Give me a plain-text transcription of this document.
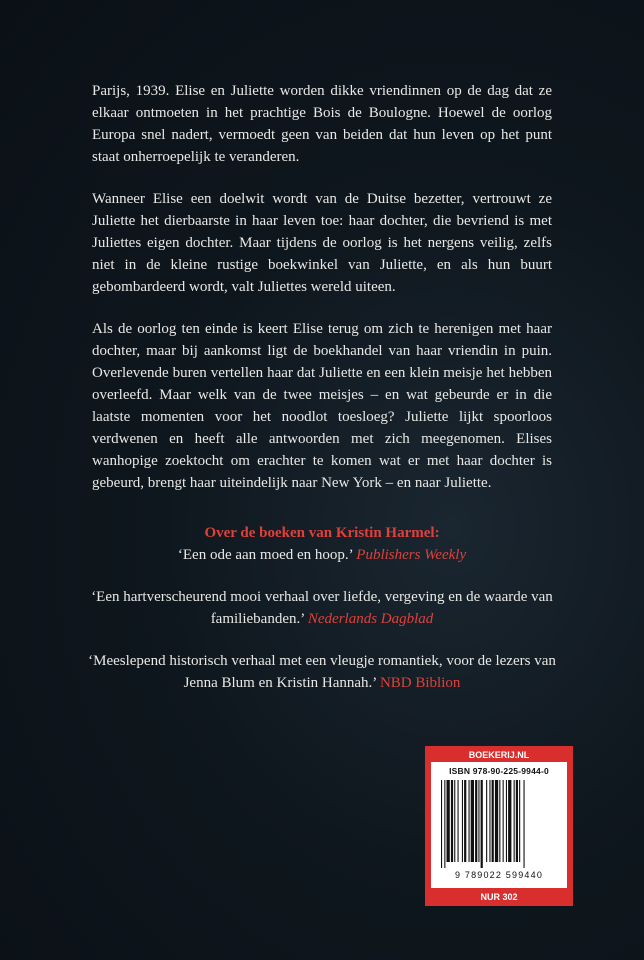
Parijs, 1939. Elise en Juliette worden dikke vriendinnen op de dag dat ze elkaar ontmoeten in het prachtige Bois de Boulogne. Hoewel de oorlog Europa snel nadert, vermoedt geen van beiden dat hun leven op het punt staat onherroepelijk te veranderen.

Wanneer Elise een doelwit wordt van de Duitse bezetter, vertrouwt ze Juliette het dierbaarste in haar leven toe: haar dochter, die bevriend is met Juliettes eigen dochter. Maar tijdens de oorlog is het nergens veilig, zelfs niet in de kleine rustige boekwinkel van Juliette, en als hun buurt gebombardeerd wordt, valt Juliettes wereld uiteen.

Als de oorlog ten einde is keert Elise terug om zich te herenigen met haar dochter, maar bij aankomst ligt de boekhandel van haar vriendin in puin. Overlevende buren vertellen haar dat Juliette en een klein meisje het hebben overleefd. Maar welk van de twee meisjes – en wat gebeurde er in die laatste momenten voor het noodlot toesloeg? Juliette lijkt spoorloos verdwenen en heeft alle antwoorden met zich meegenomen. Elises wanhopige zoektocht om erachter te komen wat er met haar dochter is gebeurd, brengt haar uiteindelijk naar New York – en naar Juliette.

Over de boeken van Kristin Harmel:

‘Een ode aan moed en hoop.’ Publishers Weekly

‘Een hartverscheurend mooi verhaal over liefde, vergeving en de waarde van familiebanden.’ Nederlands Dagblad

‘Meeslepend historisch verhaal met een vleugje romantiek, voor de lezers van Jenna Blum en Kristin Hannah.’ NBD Biblion

BOEKERIJ.NL
ISBN 978-90-225-9944-0
9 789022 599440
NUR 302
